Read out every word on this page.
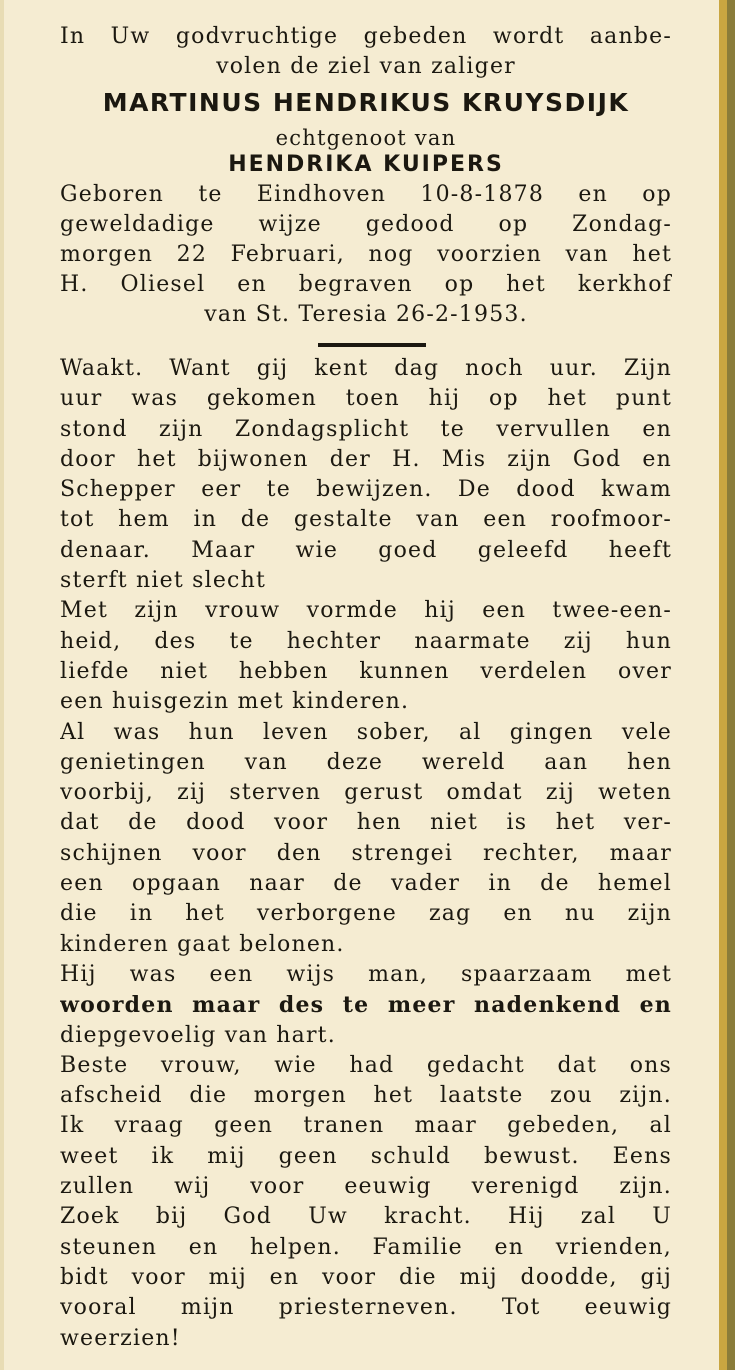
In Uw godvruchtige gebeden wordt aanbe-
volen de ziel van zaliger
MARTINUS HENDRIKUS KRUYSDIJK
echtgenoot van
HENDRIKA KUIPERS
Geboren te Eindhoven 10-8-1878 en op
geweldadige wijze gedood op Zondag-
morgen 22 Februari, nog voorzien van het
H. Oliesel en begraven op het kerkhof
van St. Teresia 26-2-1953.
Waakt. Want gij kent dag noch uur. Zijn
uur was gekomen toen hij op het punt
stond zijn Zondagsplicht te vervullen en
door het bijwonen der H. Mis zijn God en
Schepper eer te bewijzen. De dood kwam
tot hem in de gestalte van een roofmoor-
denaar. Maar wie goed geleefd heeft
sterft niet slecht
Met zijn vrouw vormde hij een twee-een-
heid, des te hechter naarmate zij hun
liefde niet hebben kunnen verdelen over
een huisgezin met kinderen.
Al was hun leven sober, al gingen vele
genietingen van deze wereld aan hen
voorbij, zij sterven gerust omdat zij weten
dat de dood voor hen niet is het ver-
schijnen voor den strengei rechter, maar
een opgaan naar de vader in de hemel
die in het verborgene zag en nu zijn
kinderen gaat belonen.
Hij was een wijs man, spaarzaam met
woorden maar des te meer nadenkend en
diepgevoelig van hart.
Beste vrouw, wie had gedacht dat ons
afscheid die morgen het laatste zou zijn.
Ik vraag geen tranen maar gebeden, al
weet ik mij geen schuld bewust. Eens
zullen wij voor eeuwig verenigd zijn.
Zoek bij God Uw kracht. Hij zal U
steunen en helpen. Familie en vrienden,
bidt voor mij en voor die mij doodde, gij
vooral mijn priesterneven. Tot eeuwig
weerzien!
